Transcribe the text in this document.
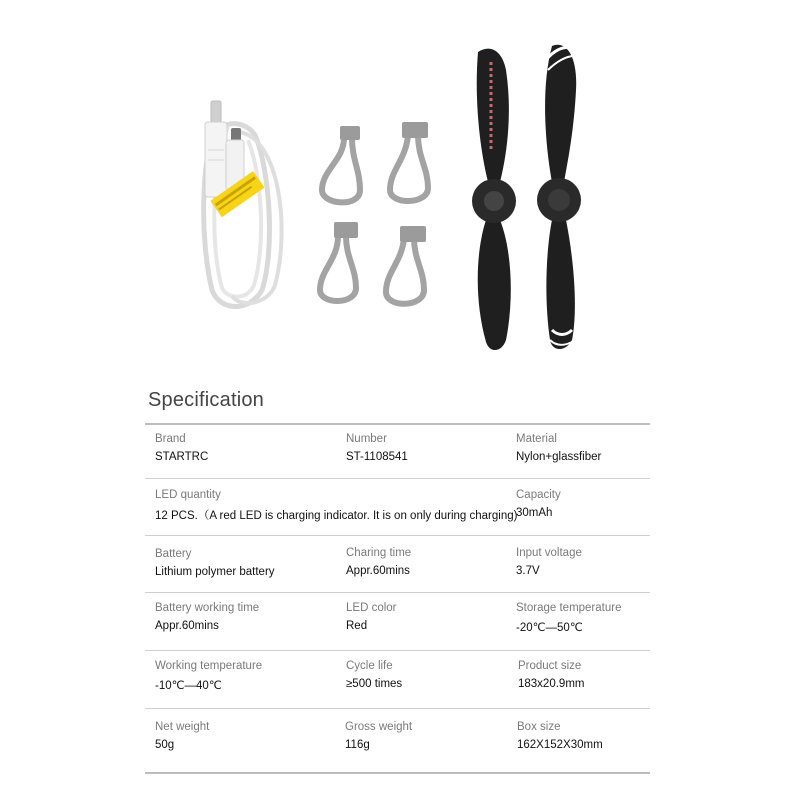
Specification
Brand
STARTRC
Number
ST-1108541
Material
Nylon+glassfiber
LED quantity
12 PCS.（A red LED is charging indicator. It is on only during charging)
Capacity
30mAh
Battery
Lithium polymer battery
Charing time
Appr.60mins
Input voltage
3.7V
Battery working time
Appr.60mins
LED color
Red
Storage temperature
-20℃—50℃
Working temperature
-10℃—40℃
Cycle life
≥500 times
Product size
183x20.9mm
Net weight
50g
Gross weight
116g
Box size
162X152X30mm
